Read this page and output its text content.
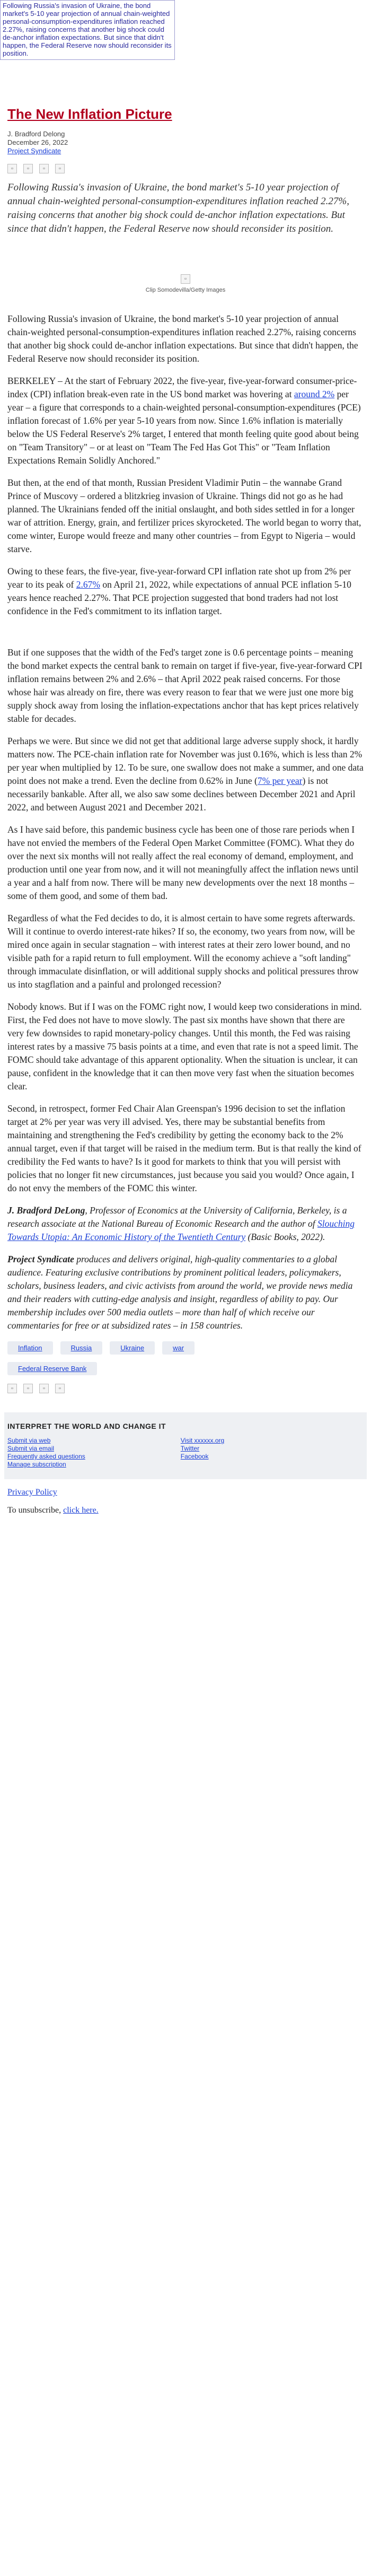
Following Russia's invasion of Ukraine, the bond market's 5-10 year projection of annual chain-weighted personal-consumption-expenditures inflation reached 2.27%, raising concerns that another big shock could de-anchor inflation expectations. But since that didn't happen, the Federal Reserve now should reconsider its position.
The New Inflation Picture
J. Bradford Delong
December 26, 2022
Project Syndicate
▫	▫	▫	▫
Following Russia's invasion of Ukraine, the bond market's 5-10 year projection of annual chain-weighted personal-consumption-expenditures inflation reached 2.27%, raising concerns that another big shock could de-anchor inflation expectations. But since that didn't happen, the Federal Reserve now should reconsider its position.
▫
Clip Somodevilla/Getty Images

Following Russia's invasion of Ukraine, the bond market's 5-10 year projection of annual chain-weighted personal-consumption-expenditures inflation reached 2.27%, raising concerns that another big shock could de-anchor inflation expectations. But since that didn't happen, the Federal Reserve now should reconsider its position.

BERKELEY – At the start of February 2022, the five-year, five-year-forward consumer-price-index (CPI) inflation break-even rate in the US bond market was hovering at around 2% per year – a figure that corresponds to a chain-weighted personal-consumption-expenditures (PCE) inflation forecast of 1.6% per year 5-10 years from now. Since 1.6% inflation is materially below the US Federal Reserve's 2% target, I entered that month feeling quite good about being on "Team Transitory" – or at least on "Team The Fed Has Got This" or "Team Inflation Expectations Remain Solidly Anchored."

But then, at the end of that month, Russian President Vladimir Putin – the wannabe Grand Prince of Muscovy – ordered a blitzkrieg invasion of Ukraine. Things did not go as he had planned. The Ukrainians fended off the initial onslaught, and both sides settled in for a longer war of attrition. Energy, grain, and fertilizer prices skyrocketed. The world began to worry that, come winter, Europe would freeze and many other countries – from Egypt to Nigeria – would starve.

Owing to these fears, the five-year, five-year-forward CPI inflation rate shot up from 2% per year to its peak of 2.67% on April 21, 2022, while expectations of annual PCE inflation 5-10 years hence reached 2.27%. That PCE projection suggested that bond traders had not lost confidence in the Fed's commitment to its inflation target.

But if one supposes that the width of the Fed's target zone is 0.6 percentage points – meaning the bond market expects the central bank to remain on target if five-year, five-year-forward CPI inflation remains between 2% and 2.6% – that April 2022 peak raised concerns. For those whose hair was already on fire, there was every reason to fear that we were just one more big supply shock away from losing the inflation-expectations anchor that has kept prices relatively stable for decades.

Perhaps we were. But since we did not get that additional large adverse supply shock, it hardly matters now. The PCE-chain inflation rate for November was just 0.16%, which is less than 2% per year when multiplied by 12. To be sure, one swallow does not make a summer, and one data point does not make a trend. Even the decline from 0.62% in June (7% per year) is not necessarily bankable. After all, we also saw some declines between December 2021 and April 2022, and between August 2021 and December 2021.

As I have said before, this pandemic business cycle has been one of those rare periods when I have not envied the members of the Federal Open Market Committee (FOMC). What they do over the next six months will not really affect the real economy of demand, employment, and production until one year from now, and it will not meaningfully affect the inflation news until a year and a half from now. There will be many new developments over the next 18 months – some of them good, and some of them bad.

Regardless of what the Fed decides to do, it is almost certain to have some regrets afterwards. Will it continue to overdo interest-rate hikes? If so, the economy, two years from now, will be mired once again in secular stagnation – with interest rates at their zero lower bound, and no visible path for a rapid return to full employment. Will the economy achieve a "soft landing" through immaculate disinflation, or will additional supply shocks and political pressures throw us into stagflation and a painful and prolonged recession?

Nobody knows. But if I was on the FOMC right now, I would keep two considerations in mind. First, the Fed does not have to move slowly. The past six months have shown that there are very few downsides to rapid monetary-policy changes. Until this month, the Fed was raising interest rates by a massive 75 basis points at a time, and even that rate is not a speed limit. The FOMC should take advantage of this apparent optionality. When the situation is unclear, it can pause, confident in the knowledge that it can then move very fast when the situation becomes clear.

Second, in retrospect, former Fed Chair Alan Greenspan's 1996 decision to set the inflation target at 2% per year was very ill advised. Yes, there may be substantial benefits from maintaining and strengthening the Fed's credibility by getting the economy back to the 2% annual target, even if that target will be raised in the medium term. But is that really the kind of credibility the Fed wants to have? Is it good for markets to think that you will persist with policies that no longer fit new circumstances, just because you said you would? Once again, I do not envy the members of the FOMC this winter.

J. Bradford DeLong, Professor of Economics at the University of California, Berkeley, is a research associate at the National Bureau of Economic Research and the author of Slouching Towards Utopia: An Economic History of the Twentieth Century (Basic Books, 2022).

Project Syndicate produces and delivers original, high-quality commentaries to a global audience. Featuring exclusive contributions by prominent political leaders, policymakers, scholars, business leaders, and civic activists from around the world, we provide news media and their readers with cutting-edge analysis and insight, regardless of ability to pay. Our membership includes over 500 media outlets – more than half of which receive our commentaries for free or at subsidized rates – in 158 countries.

Inflation	Russia	Ukraine	war
Federal Reserve Bank
▫	▫	▫	▫
INTERPRET THE WORLD AND CHANGE IT
Submit via web
Submit via email
Frequently asked questions
Manage subscription
Visit xxxxxx.org
Twitter
Facebook
Privacy Policy
To unsubscribe, click here.
